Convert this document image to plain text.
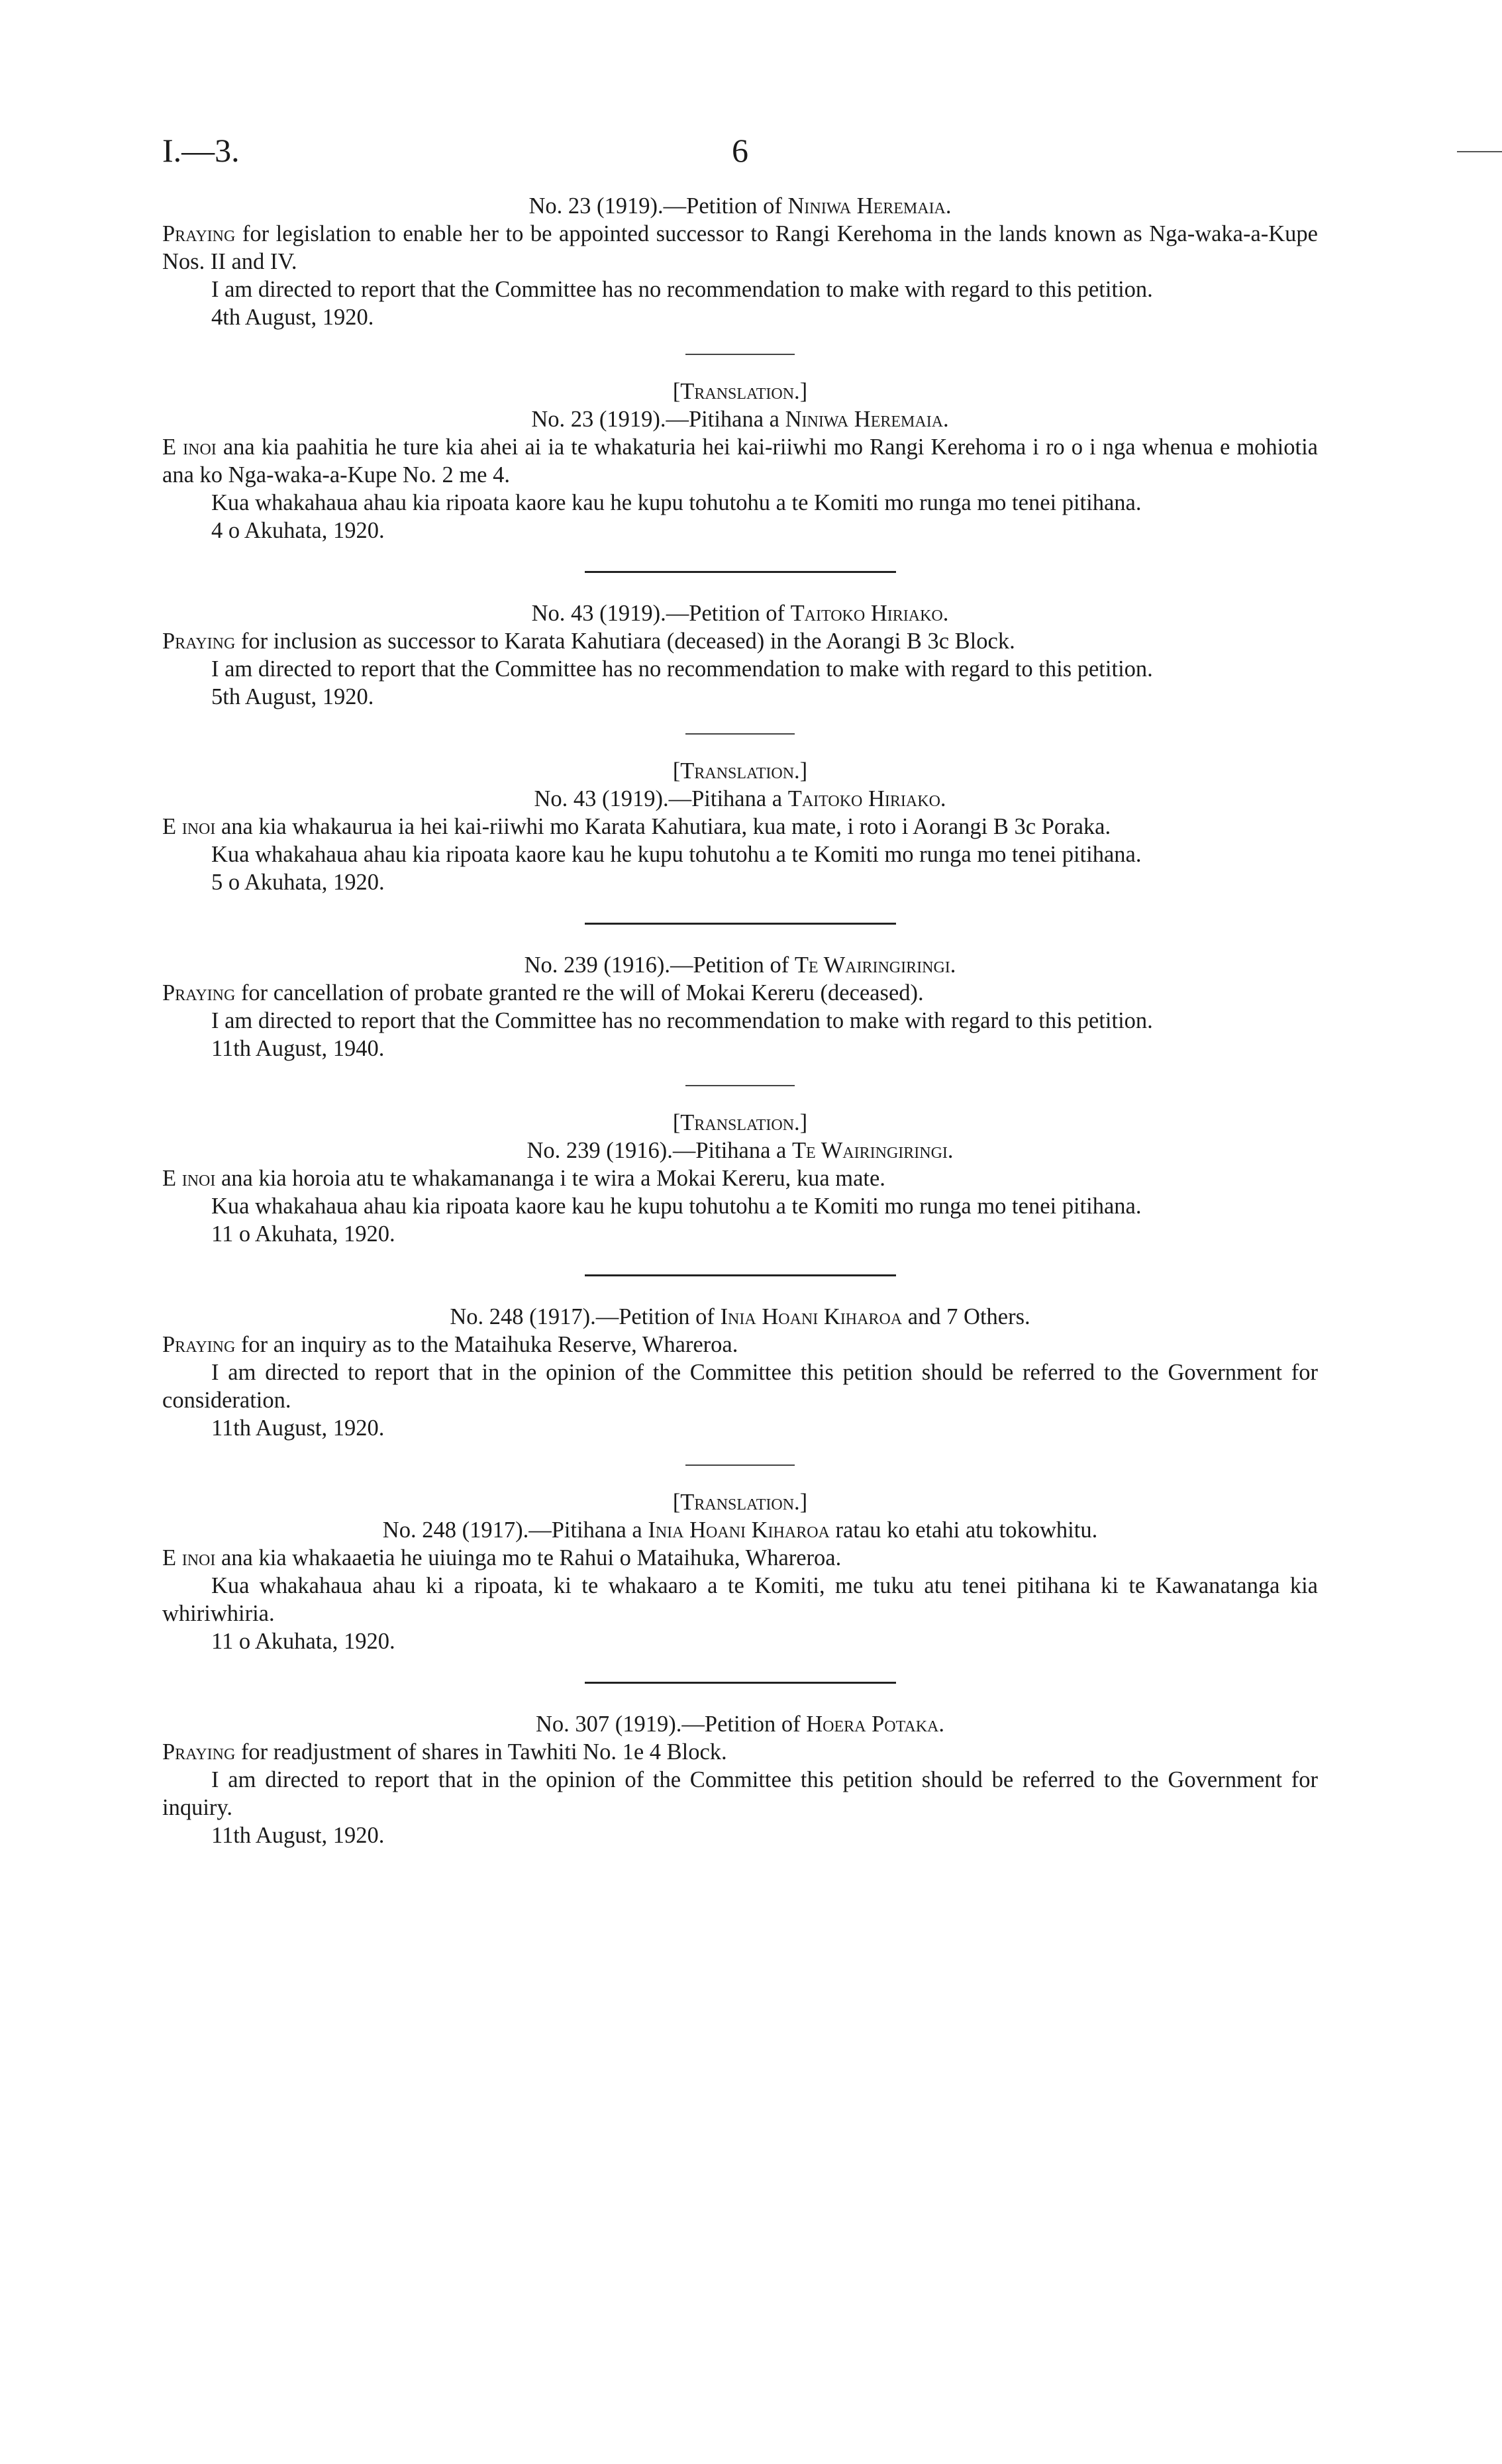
I.—3.	6

No. 23 (1919).—Petition of Niniwa Heremaia.

Praying for legislation to enable her to be appointed successor to Rangi Kerehoma in the lands known as Nga-waka-a-Kupe Nos. II and IV.

I am directed to report that the Committee has no recommendation to make with regard to this petition.

4th August, 1920.

[Translation.]

No. 23 (1919).—Pitihana a Niniwa Heremaia.

E inoi ana kia paahitia he ture kia ahei ai ia te whakaturia hei kai-riiwhi mo Rangi Kerehoma i ro o i nga whenua e mohiotia ana ko Nga-waka-a-Kupe No. 2 me 4.

Kua whakahaua ahau kia ripoata kaore kau he kupu tohutohu a te Komiti mo runga mo tenei pitihana.

4 o Akuhata, 1920.

No. 43 (1919).—Petition of Taitoko Hiriako.

Praying for inclusion as successor to Karata Kahutiara (deceased) in the Aorangi B 3c Block.

I am directed to report that the Committee has no recommendation to make with regard to this petition.

5th August, 1920.

[Translation.]

No. 43 (1919).—Pitihana a Taitoko Hiriako.

E inoi ana kia whakaurua ia hei kai-riiwhi mo Karata Kahutiara, kua mate, i roto i Aorangi B 3c Poraka.

Kua whakahaua ahau kia ripoata kaore kau he kupu tohutohu a te Komiti mo runga mo tenei pitihana.

5 o Akuhata, 1920.

No. 239 (1916).—Petition of Te Wairingiringi.

Praying for cancellation of probate granted re the will of Mokai Kereru (deceased).

I am directed to report that the Committee has no recommendation to make with regard to this petition.

11th August, 1940.

[Translation.]

No. 239 (1916).—Pitihana a Te Wairingiringi.

E inoi ana kia horoia atu te whakamananga i te wira a Mokai Kereru, kua mate.

Kua whakahaua ahau kia ripoata kaore kau he kupu tohutohu a te Komiti mo runga mo tenei pitihana.

11 o Akuhata, 1920.

No. 248 (1917).—Petition of Inia Hoani Kiharoa and 7 Others.

Praying for an inquiry as to the Mataihuka Reserve, Whareroa.

I am directed to report that in the opinion of the Committee this petition should be referred to the Government for consideration.

11th August, 1920.

[Translation.]

No. 248 (1917).—Pitihana a Inia Hoani Kiharoa ratau ko etahi atu tokowhitu.

E inoi ana kia whakaaetia he uiuinga mo te Rahui o Mataihuka, Whareroa.

Kua whakahaua ahau ki a ripoata, ki te whakaaro a te Komiti, me tuku atu tenei pitihana ki te Kawanatanga kia whiriwhiria.

11 o Akuhata, 1920.

No. 307 (1919).—Petition of Hoera Potaka.

Praying for readjustment of shares in Tawhiti No. 1e 4 Block.

I am directed to report that in the opinion of the Committee this petition should be referred to the Government for inquiry.

11th August, 1920.
